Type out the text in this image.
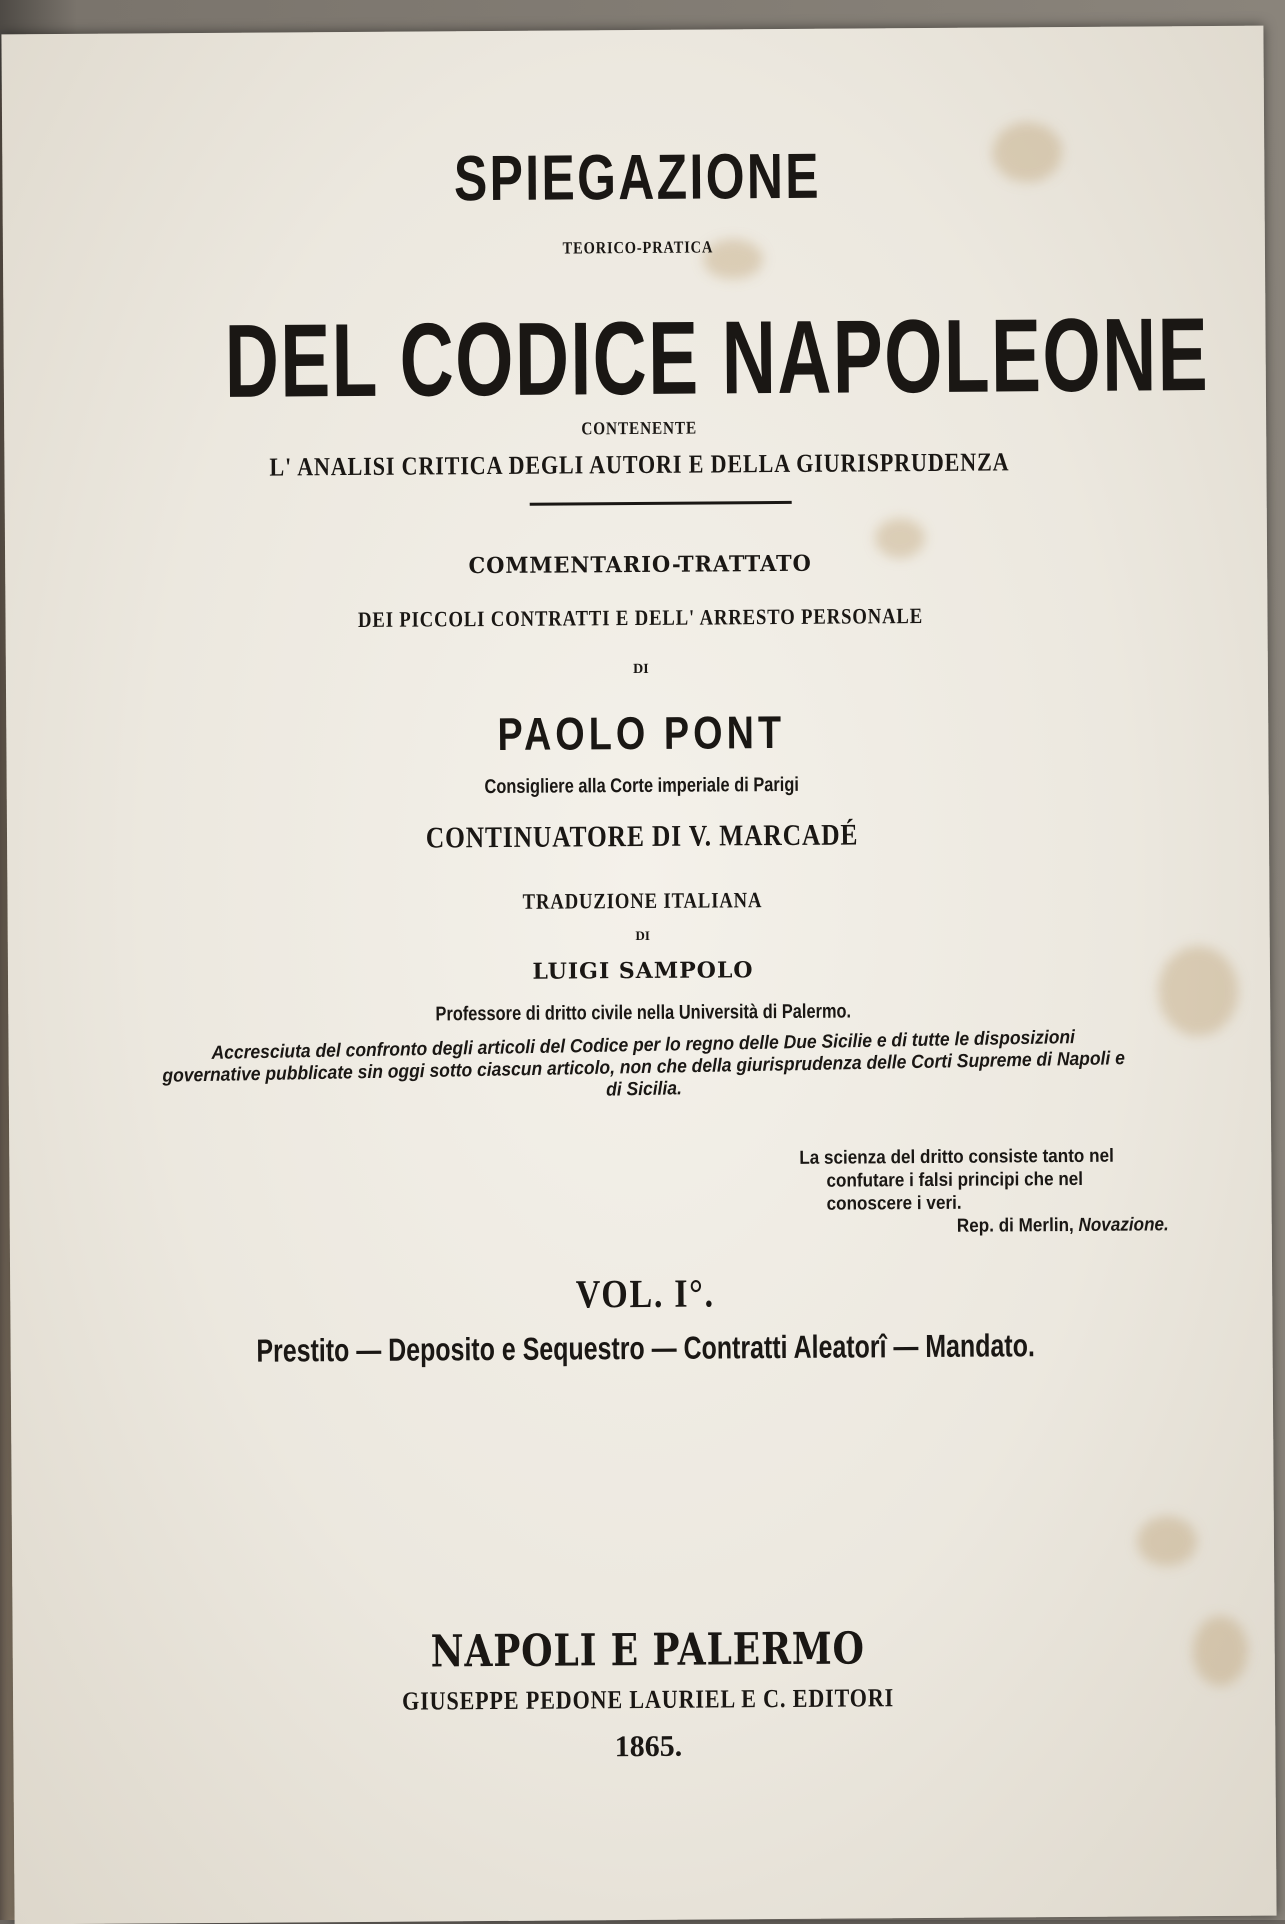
SPIEGAZIONE
TEORICO-PRATICA
DEL CODICE NAPOLEONE
CONTENENTE
L' ANALISI CRITICA DEGLI AUTORI E DELLA GIURISPRUDENZA
COMMENTARIO-TRATTATO
DEI PICCOLI CONTRATTI E DELL' ARRESTO PERSONALE
DI
PAOLO PONT
Consigliere alla Corte imperiale di Parigi
CONTINUATORE DI V. MARCADÉ
TRADUZIONE ITALIANA
DI
LUIGI SAMPOLO
Professore di dritto civile nella Università di Palermo.
Accresciuta del confronto degli articoli del Codice per lo regno delle Due Sicilie e di tutte le disposizioni governative pubblicate sin oggi sotto ciascun articolo, non che della giurisprudenza delle Corti Supreme di Napoli e di Sicilia.
La scienza del dritto consiste tanto nel
confutare i falsi principi che nel
conoscere i veri.
Rep. di Merlin, Novazione.
VOL. I°.
Prestito — Deposito e Sequestro — Contratti Aleatorî — Mandato.
NAPOLI E PALERMO
GIUSEPPE PEDONE LAURIEL E C. EDITORI
1865.
